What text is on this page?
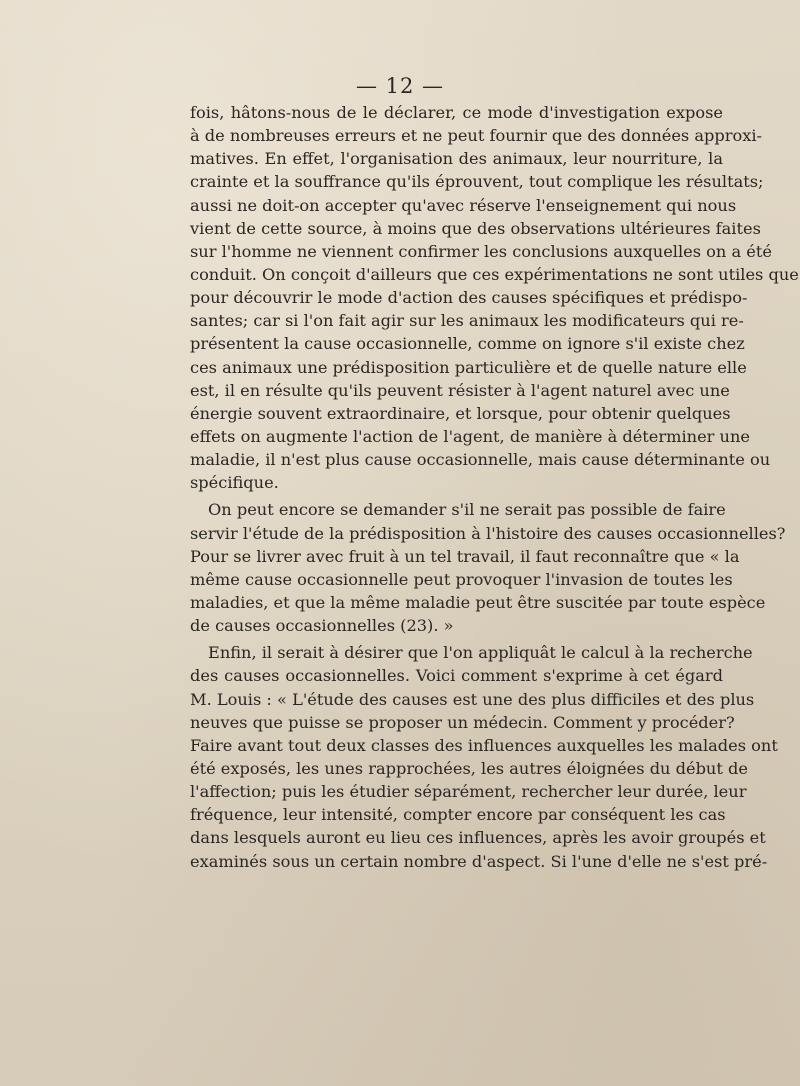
— 12 —
fois, hâtons-nous de le déclarer, ce mode d'investigation expose
à de nombreuses erreurs et ne peut fournir que des données approxi-
matives. En effet, l'organisation des animaux, leur nourriture, la
crainte et la souffrance qu'ils éprouvent, tout complique les résultats;
aussi ne doit-on accepter qu'avec réserve l'enseignement qui nous
vient de cette source, à moins que des observations ultérieures faites
sur l'homme ne viennent confirmer les conclusions auxquelles on a été
conduit. On conçoit d'ailleurs que ces expérimentations ne sont utiles que
pour découvrir le mode d'action des causes spécifiques et prédispo-
santes; car si l'on fait agir sur les animaux les modificateurs qui re-
présentent la cause occasionnelle, comme on ignore s'il existe chez
ces animaux une prédisposition particulière et de quelle nature elle
est, il en résulte qu'ils peuvent résister à l'agent naturel avec une
énergie souvent extraordinaire, et lorsque, pour obtenir quelques
effets on augmente l'action de l'agent, de manière à déterminer une
maladie, il n'est plus cause occasionnelle, mais cause déterminante ou
spécifique.
On peut encore se demander s'il ne serait pas possible de faire
servir l'étude de la prédisposition à l'histoire des causes occasionnelles?
Pour se livrer avec fruit à un tel travail, il faut reconnaître que « la
même cause occasionnelle peut provoquer l'invasion de toutes les
maladies, et que la même maladie peut être suscitée par toute espèce
de causes occasionnelles (23). »
Enfin, il serait à désirer que l'on appliquât le calcul à la recherche
des causes occasionnelles. Voici comment s'exprime à cet égard
M. Louis : « L'étude des causes est une des plus difficiles et des plus
neuves que puisse se proposer un médecin. Comment y procéder?
Faire avant tout deux classes des influences auxquelles les malades ont
été exposés, les unes rapprochées, les autres éloignées du début de
l'affection; puis les étudier séparément, rechercher leur durée, leur
fréquence, leur intensité, compter encore par conséquent les cas
dans lesquels auront eu lieu ces influences, après les avoir groupés et
examinés sous un certain nombre d'aspect. Si l'une d'elle ne s'est pré-
